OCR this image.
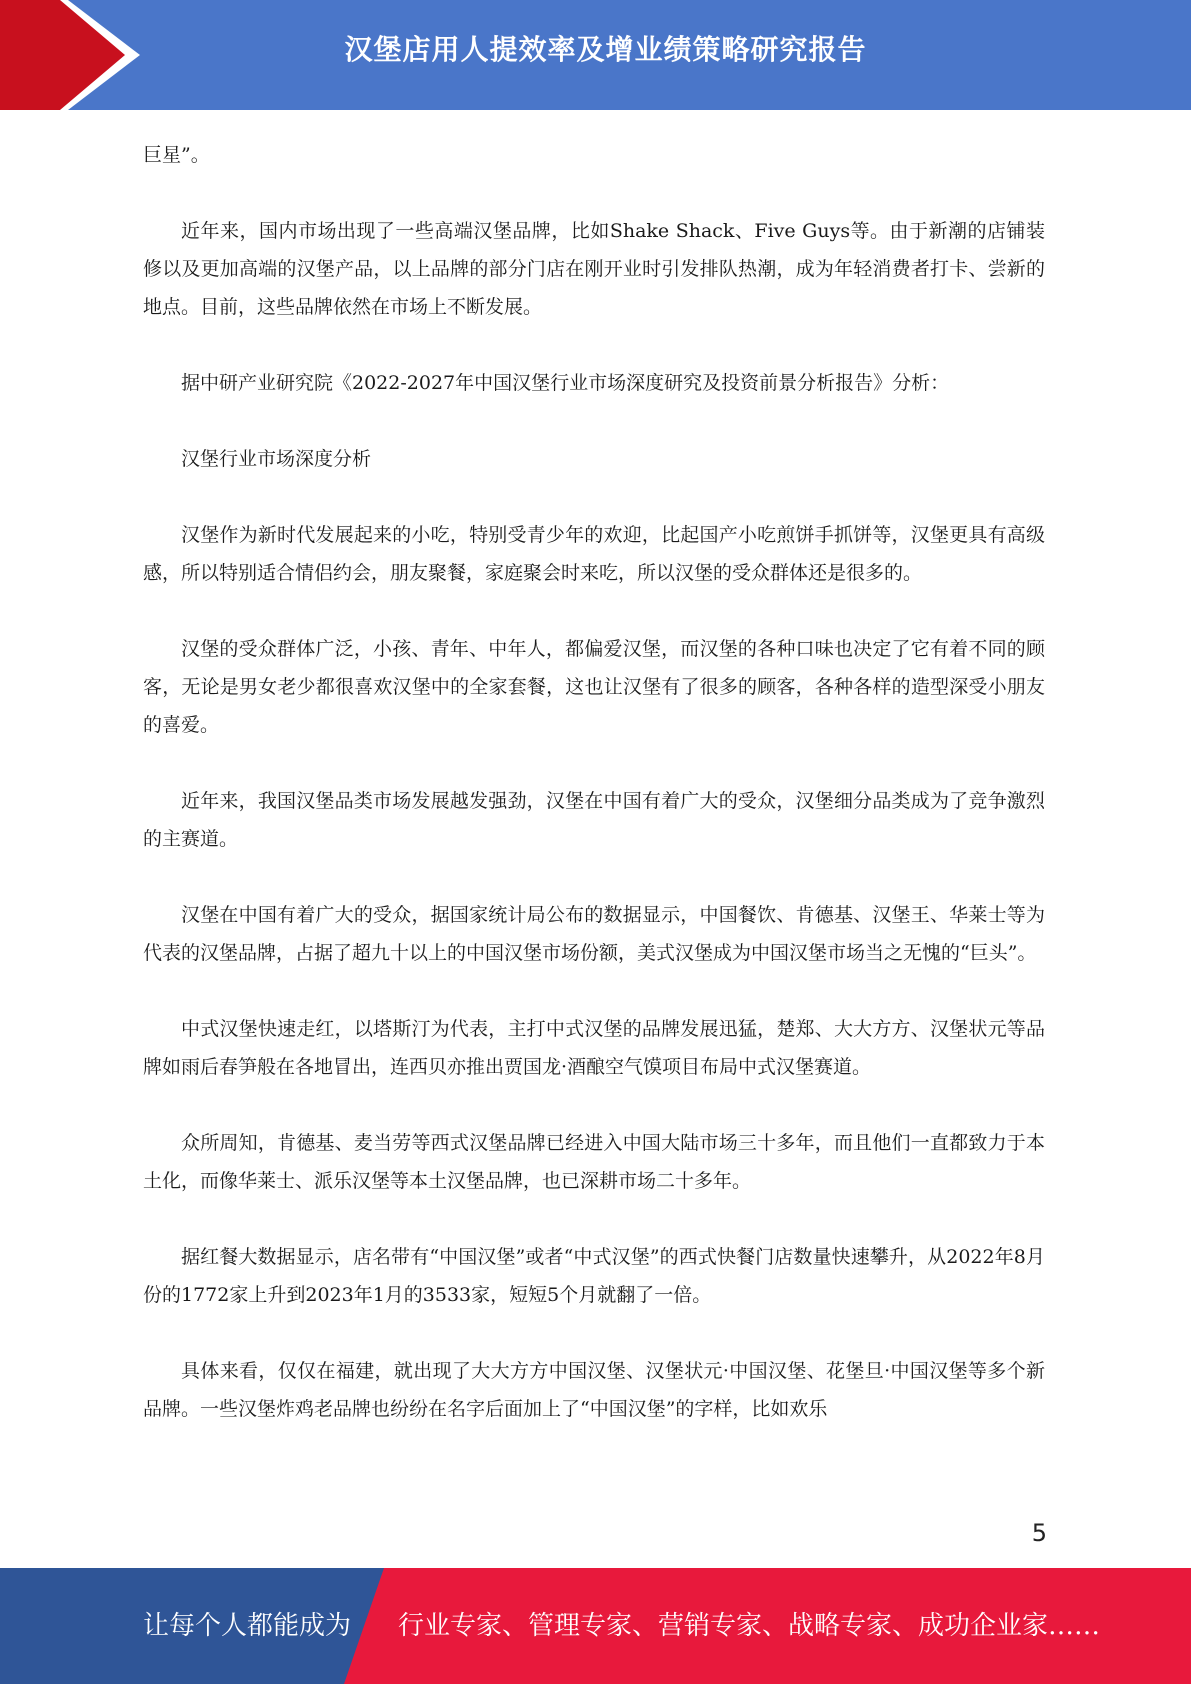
汉堡店用人提效率及增业绩策略研究报告

巨星”。

近年来，国内市场出现了一些高端汉堡品牌，比如Shake Shack、Five Guys等。由于新潮的店铺装修以及更加高端的汉堡产品，以上品牌的部分门店在刚开业时引发排队热潮，成为年轻消费者打卡、尝新的地点。目前，这些品牌依然在市场上不断发展。

据中研产业研究院《2022-2027年中国汉堡行业市场深度研究及投资前景分析报告》分析：

汉堡行业市场深度分析

汉堡作为新时代发展起来的小吃，特别受青少年的欢迎，比起国产小吃煎饼手抓饼等，汉堡更具有高级感，所以特别适合情侣约会，朋友聚餐，家庭聚会时来吃，所以汉堡的受众群体还是很多的。

汉堡的受众群体广泛，小孩、青年、中年人，都偏爱汉堡，而汉堡的各种口味也决定了它有着不同的顾客，无论是男女老少都很喜欢汉堡中的全家套餐，这也让汉堡有了很多的顾客，各种各样的造型深受小朋友的喜爱。

近年来，我国汉堡品类市场发展越发强劲，汉堡在中国有着广大的受众，汉堡细分品类成为了竞争激烈的主赛道。

汉堡在中国有着广大的受众，据国家统计局公布的数据显示，中国餐饮、肯德基、汉堡王、华莱士等为代表的汉堡品牌，占据了超九十以上的中国汉堡市场份额，美式汉堡成为中国汉堡市场当之无愧的“巨头”。

中式汉堡快速走红，以塔斯汀为代表，主打中式汉堡的品牌发展迅猛，楚郑、大大方方、汉堡状元等品牌如雨后春笋般在各地冒出，连西贝亦推出贾国龙·酒酿空气馍项目布局中式汉堡赛道。

众所周知，肯德基、麦当劳等西式汉堡品牌已经进入中国大陆市场三十多年，而且他们一直都致力于本土化，而像华莱士、派乐汉堡等本土汉堡品牌，也已深耕市场二十多年。

据红餐大数据显示，店名带有“中国汉堡”或者“中式汉堡”的西式快餐门店数量快速攀升，从2022年8月份的1772家上升到2023年1月的3533家，短短5个月就翻了一倍。

具体来看，仅仅在福建，就出现了大大方方中国汉堡、汉堡状元·中国汉堡、花堡旦·中国汉堡等多个新品牌。一些汉堡炸鸡老品牌也纷纷在名字后面加上了“中国汉堡”的字样，比如欢乐

5
让每个人都能成为 行业专家、管理专家、营销专家、战略专家、成功企业家……
